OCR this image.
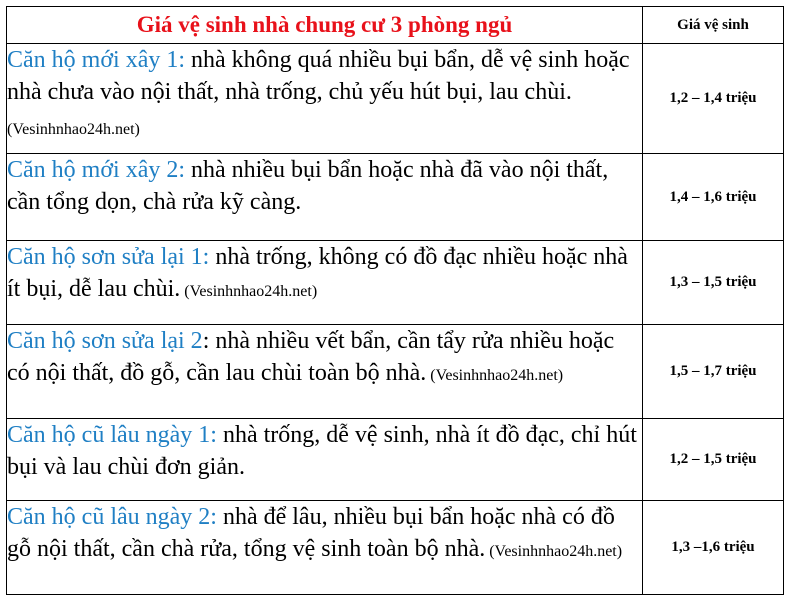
Giá vệ sinh nhà chung cư 3 phòng ngủ	Giá vệ sinh
Căn hộ mới xây 1: nhà không quá nhiều bụi bẩn, dễ vệ sinh hoặc nhà chưa vào nội thất, nhà trống, chủ yếu hút bụi, lau chùi. (Vesinhnhao24h.net)	1,2 – 1,4 triệu
Căn hộ mới xây 2: nhà nhiều bụi bẩn hoặc nhà đã vào nội thất, cần tổng dọn, chà rửa kỹ càng.	1,4 – 1,6 triệu
Căn hộ sơn sửa lại 1: nhà trống, không có đồ đạc nhiều hoặc nhà ít bụi, dễ lau chùi. (Vesinhnhao24h.net)	1,3 – 1,5 triệu
Căn hộ sơn sửa lại 2: nhà nhiều vết bẩn, cần tẩy rửa nhiều hoặc có nội thất, đồ gỗ, cần lau chùi toàn bộ nhà. (Vesinhnhao24h.net)	1,5 – 1,7 triệu
Căn hộ cũ lâu ngày 1: nhà trống, dễ vệ sinh, nhà ít đồ đạc, chỉ hút bụi và lau chùi đơn giản.	1,2 – 1,5 triệu
Căn hộ cũ lâu ngày 2: nhà để lâu, nhiều bụi bẩn hoặc nhà có đồ gỗ nội thất, cần chà rửa, tổng vệ sinh toàn bộ nhà. (Vesinhnhao24h.net)	1,3 –1,6 triệu
